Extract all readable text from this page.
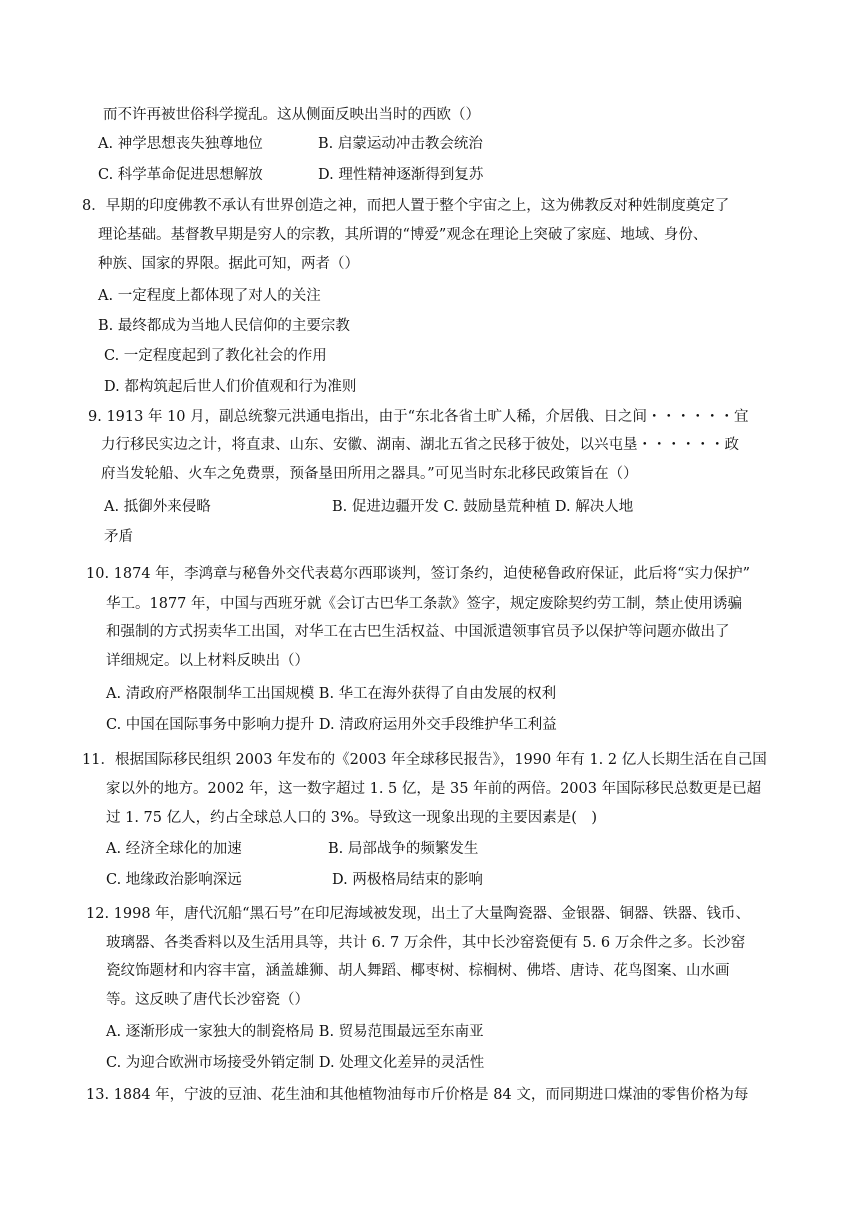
而不许再被世俗科学搅乱。这从侧面反映出当时的西欧（）
A. 神学思想丧失独尊地位	B. 启蒙运动冲击教会统治
C. 科学革命促进思想解放	D. 理性精神逐渐得到复苏
8．早期的印度佛教不承认有世界创造之神，而把人置于整个宇宙之上，这为佛教反对种姓制度奠定了
理论基础。基督教早期是穷人的宗教，其所谓的“博爱”观念在理论上突破了家庭、地域、身份、
种族、国家的界限。据此可知，两者（）
A. 一定程度上都体现了对人的关注
B. 最终都成为当地人民信仰的主要宗教
C. 一定程度起到了教化社会的作用
D. 都构筑起后世人们价值观和行为准则
9. 1913 年 10 月，副总统黎元洪通电指出，由于“东北各省土旷人稀，介居俄、日之间・・・・・・宜
力行移民实边之计，将直隶、山东、安徽、湖南、湖北五省之民移于彼处，以兴屯垦・・・・・・政
府当发轮船、火车之免费票，预备垦田所用之器具。”可见当时东北移民政策旨在（）
A. 抵御外来侵略	B. 促进边疆开发 C. 鼓励垦荒种植 D. 解决人地
矛盾
10. 1874 年，李鸿章与秘鲁外交代表葛尔西耶谈判，签订条约，迫使秘鲁政府保证，此后将“实力保护”
华工。1877 年，中国与西班牙就《会订古巴华工条款》签字，规定废除契约劳工制，禁止使用诱骗
和强制的方式拐卖华工出国，对华工在古巴生活权益、中国派遣领事官员予以保护等问题亦做出了
详细规定。以上材料反映出（）
A. 清政府严格限制华工出国规模 B. 华工在海外获得了自由发展的权利
C. 中国在国际事务中影响力提升 D. 清政府运用外交手段维护华工利益
11．根据国际移民组织 2003 年发布的《2003 年全球移民报告》，1990 年有 1. 2 亿人长期生活在自己国
家以外的地方。2002 年，这一数字超过 1. 5 亿，是 35 年前的两倍。2003 年国际移民总数更是已超
过 1. 75 亿人，约占全球总人口的 3%。导致这一现象出现的主要因素是(　)
A. 经济全球化的加速	B. 局部战争的频繁发生
C. 地缘政治影响深远	D. 两极格局结束的影响
12. 1998 年，唐代沉船“黑石号”在印尼海域被发现，出土了大量陶瓷器、金银器、铜器、铁器、钱币、
玻璃器、各类香料以及生活用具等，共计 6. 7 万余件，其中长沙窑瓷便有 5. 6 万余件之多。长沙窑
瓷纹饰题材和内容丰富，涵盖雄狮、胡人舞蹈、椰枣树、棕榈树、佛塔、唐诗、花鸟图案、山水画
等。这反映了唐代长沙窑瓷（）
A. 逐渐形成一家独大的制瓷格局 B. 贸易范围最远至东南亚
C. 为迎合欧洲市场接受外销定制 D. 处理文化差异的灵活性
13. 1884 年，宁波的豆油、花生油和其他植物油每市斤价格是 84 文，而同期进口煤油的零售价格为每
